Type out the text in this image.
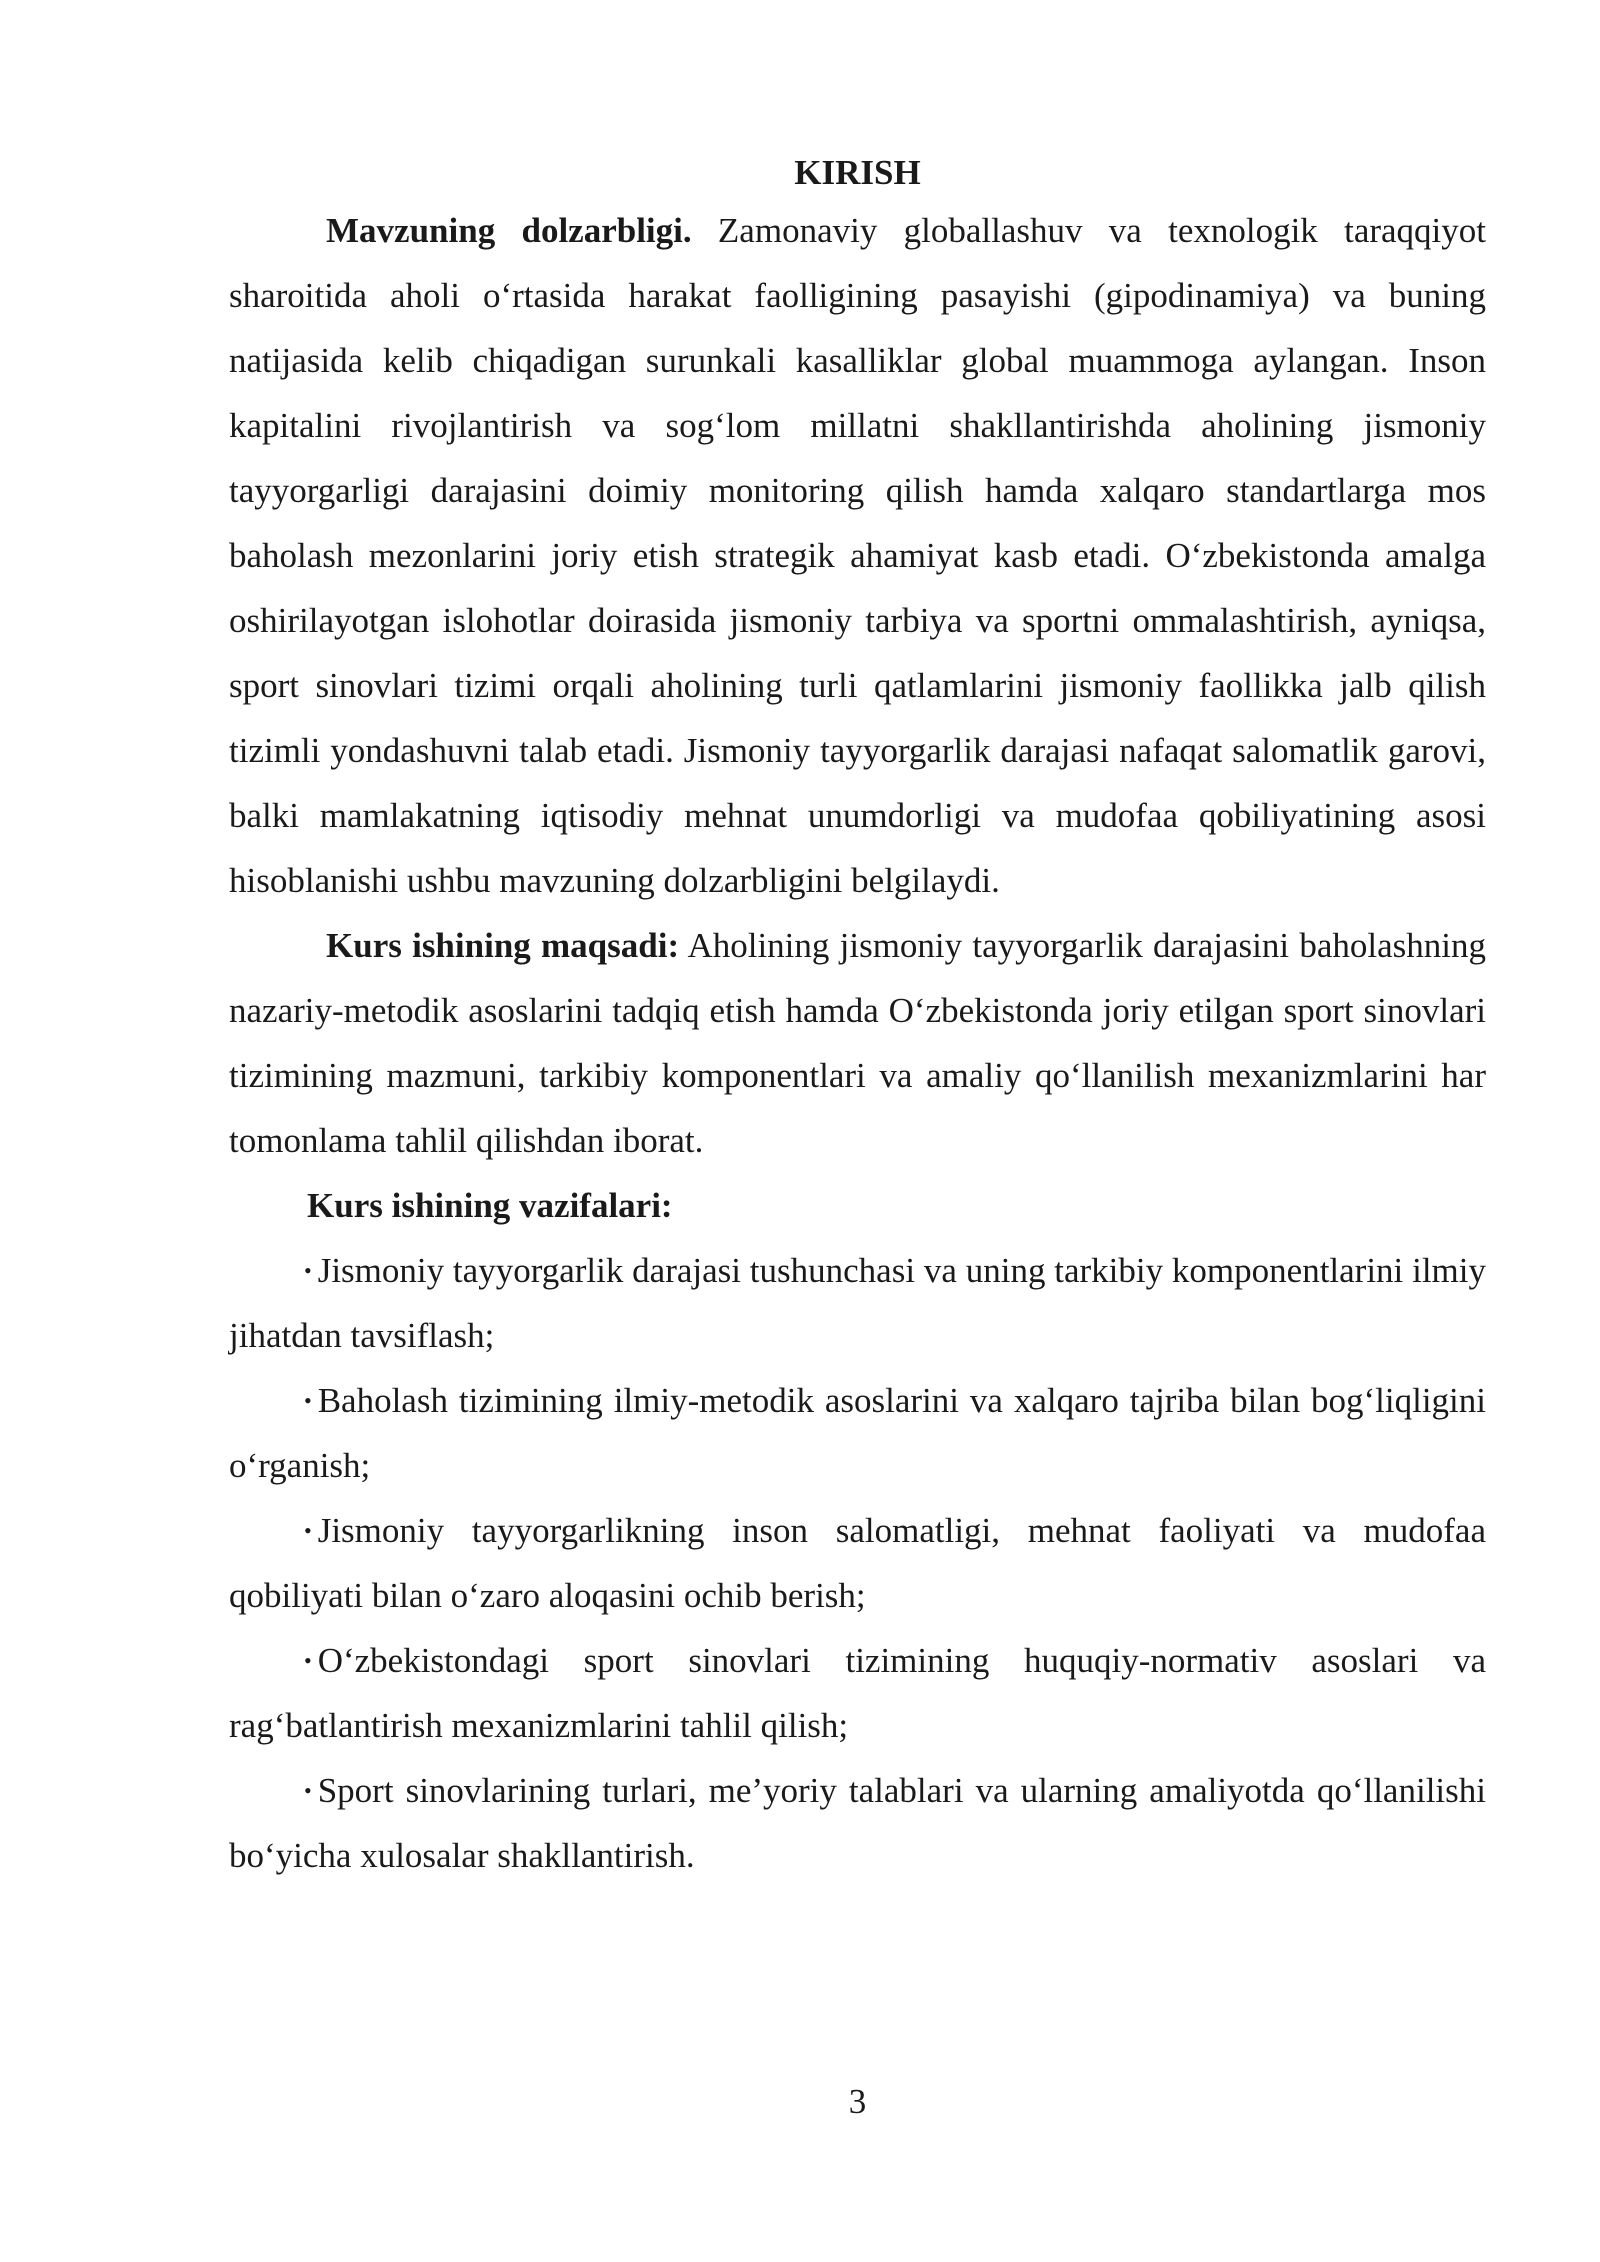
KIRISH

Mavzuning dolzarbligi. Zamonaviy globallashuv va texnologik taraqqiyot sharoitida aholi o‘rtasida harakat faolligining pasayishi (gipodinamiya) va buning natijasida kelib chiqadigan surunkali kasalliklar global muammoga aylangan. Inson kapitalini rivojlantirish va sog‘lom millatni shakllantirishda aholining jismoniy tayyorgarligi darajasini doimiy monitoring qilish hamda xalqaro standartlarga mos baholash mezonlarini joriy etish strategik ahamiyat kasb etadi. O‘zbekistonda amalga oshirilayotgan islohotlar doirasida jismoniy tarbiya va sportni ommalashtirish, ayniqsa, sport sinovlari tizimi orqali aholining turli qatlamlarini jismoniy faollikka jalb qilish tizimli yondashuvni talab etadi. Jismoniy tayyorgarlik darajasi nafaqat salomatlik garovi, balki mamlakatning iqtisodiy mehnat unumdorligi va mudofaa qobiliyatining asosi hisoblanishi ushbu mavzuning dolzarbligini belgilaydi.

Kurs ishining maqsadi: Aholining jismoniy tayyorgarlik darajasini baholashning nazariy-metodik asoslarini tadqiq etish hamda O‘zbekistonda joriy etilgan sport sinovlari tizimining mazmuni, tarkibiy komponentlari va amaliy qo‘llanilish mexanizmlarini har tomonlama tahlil qilishdan iborat.

Kurs ishining vazifalari:

• Jismoniy tayyorgarlik darajasi tushunchasi va uning tarkibiy komponentlarini ilmiy jihatdan tavsiflash;

• Baholash tizimining ilmiy-metodik asoslarini va xalqaro tajriba bilan bog‘liqligini o‘rganish;

• Jismoniy tayyorgarlikning inson salomatligi, mehnat faoliyati va mudofaa qobiliyati bilan o‘zaro aloqasini ochib berish;

• O‘zbekistondagi sport sinovlari tizimining huquqiy-normativ asoslari va rag‘batlantirish mexanizmlarini tahlil qilish;

• Sport sinovlarining turlari, me’yoriy talablari va ularning amaliyotda qo‘llanilishi bo‘yicha xulosalar shakllantirish.

3
